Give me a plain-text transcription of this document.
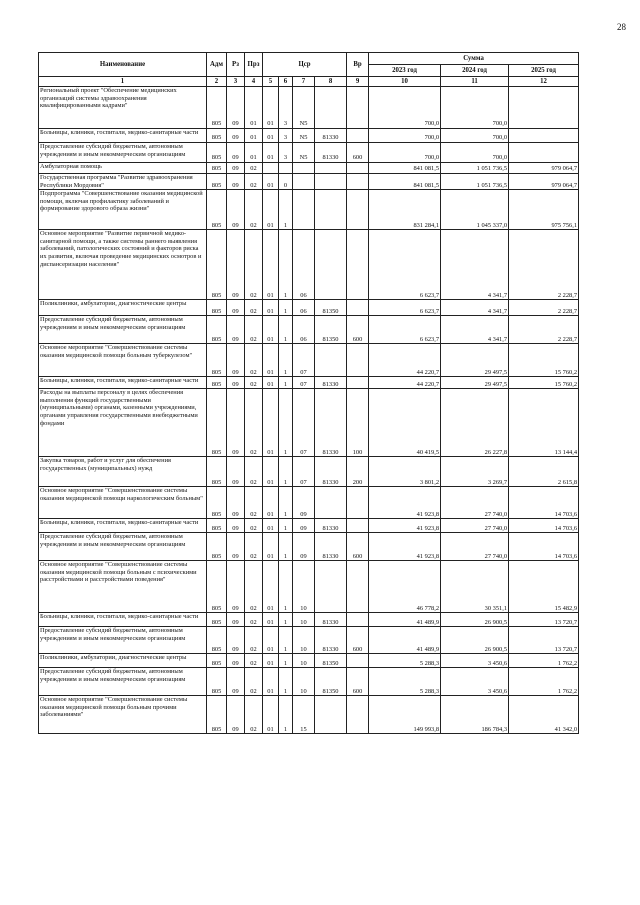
28
Наименование	Адм	Рз	Прз	Цср				Вр	Сумма		
									2023 год	2024 год	2025 год
1	2	3	4	5	6	7	8	9	10	11	12
Региональный проект "Обеспечение медицинских организаций системы здравоохранения квалифицированными кадрами"	805	09	01	01	3	N5			700,0	700,0	
Больницы, клиники, госпитали, медико-санитарные части	805	09	01	01	3	N5	81330		700,0	700,0	
Предоставление субсидий бюджетным, автономным учреждениям и иным некоммерческим организациям	805	09	01	01	3	N5	81330	600	700,0	700,0	
Амбулаторная помощь	805	09	02						841 081,5	1 051 736,5	979 064,7
Государственная программа "Развитие здравоохранения Республики Мордовия"	805	09	02	01	0				841 081,5	1 051 736,5	979 064,7
Подпрограмма "Совершенствование оказания медицинской помощи, включая профилактику заболеваний и формирование здорового образа жизни"	805	09	02	01	1				831 284,1	1 045 337,0	975 756,1
Основное мероприятие "Развитие первичной медико-санитарной помощи, а также системы раннего выявления заболеваний, патологических состояний и факторов риска их развития, включая проведение медицинских осмотров и диспансеризации населения"	805	09	02	01	1	06			6 623,7	4 341,7	2 228,7
Поликлиники, амбулатории, диагностические центры	805	09	02	01	1	06	81350		6 623,7	4 341,7	2 228,7
Предоставление субсидий бюджетным, автономным учреждениям и иным некоммерческим организациям	805	09	02	01	1	06	81350	600	6 623,7	4 341,7	2 228,7
Основное мероприятие "Совершенствование системы оказания медицинской помощи больным туберкулезом"	805	09	02	01	1	07			44 220,7	29 497,5	15 760,2
Больницы, клиники, госпитали, медико-санитарные части	805	09	02	01	1	07	81330		44 220,7	29 497,5	15 760,2
Расходы на выплаты персоналу в целях обеспечения выполнения функций государственными (муниципальными) органами, казенными учреждениями, органами управления государственными внебюджетными фондами	805	09	02	01	1	07	81330	100	40 419,5	26 227,8	13 144,4
Закупка товаров, работ и услуг для обеспечения государственных (муниципальных) нужд	805	09	02	01	1	07	81330	200	3 801,2	3 269,7	2 615,8
Основное мероприятие "Совершенствование системы оказания медицинской помощи наркологическим больным"	805	09	02	01	1	09			41 923,8	27 740,0	14 703,6
Больницы, клиники, госпитали, медико-санитарные части	805	09	02	01	1	09	81330		41 923,8	27 740,0	14 703,6
Предоставление субсидий бюджетным, автономным учреждениям и иным некоммерческим организациям	805	09	02	01	1	09	81330	600	41 923,8	27 740,0	14 703,6
Основное мероприятие "Совершенствование системы оказания медицинской помощи больным с психическими расстройствами и расстройствами поведения"	805	09	02	01	1	10			46 778,2	30 351,1	15 482,9
Больницы, клиники, госпитали, медико-санитарные части	805	09	02	01	1	10	81330		41 489,9	26 900,5	13 720,7
Предоставление субсидий бюджетным, автономным учреждениям и иным некоммерческим организациям	805	09	02	01	1	10	81330	600	41 489,9	26 900,5	13 720,7
Поликлиники, амбулатории, диагностические центры	805	09	02	01	1	10	81350		5 288,3	3 450,6	1 762,2
Предоставление субсидий бюджетным, автономным учреждениям и иным некоммерческим организациям	805	09	02	01	1	10	81350	600	5 288,3	3 450,6	1 762,2
Основное мероприятие "Совершенствование системы оказания медицинской помощи больным прочими заболеваниями"	805	09	02	01	1	15			149 993,8	186 784,3	41 342,0
